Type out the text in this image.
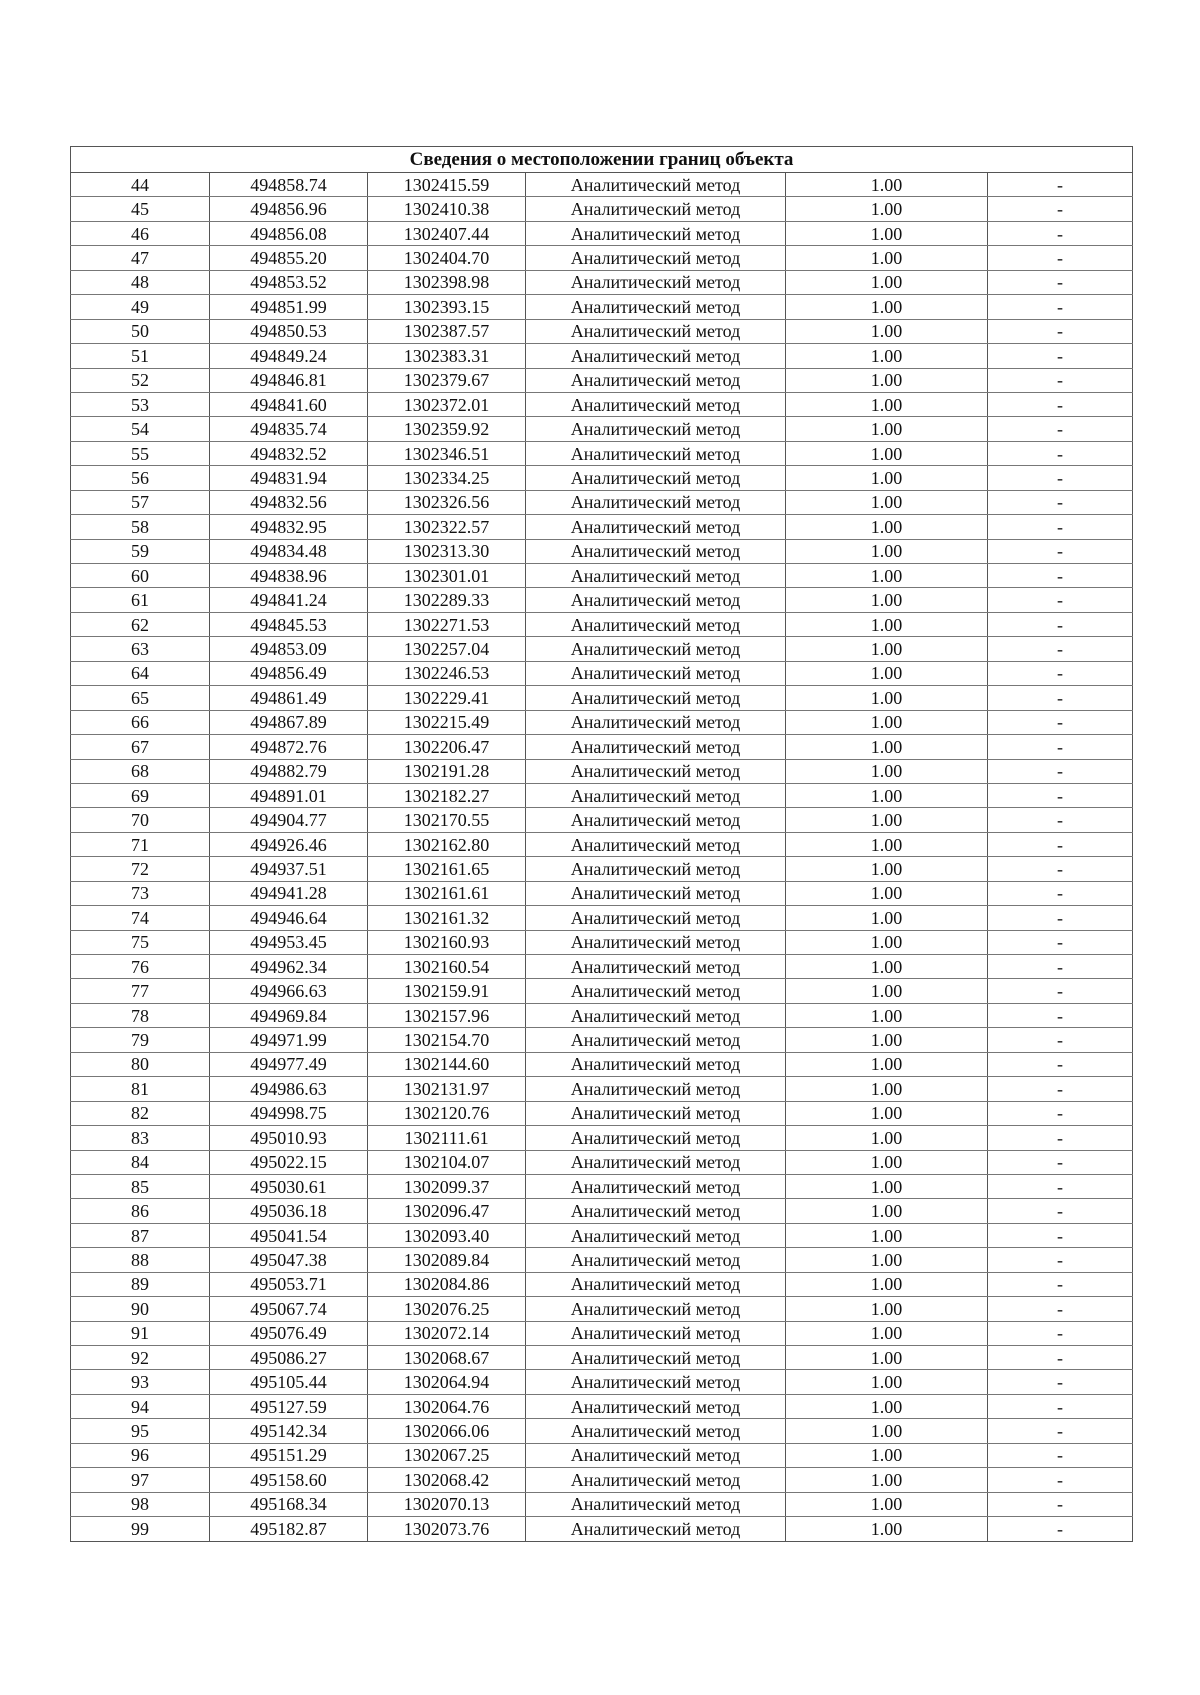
Сведения о местоположении границ объекта					
44	494858.74	1302415.59	Аналитический метод	1.00	-
45	494856.96	1302410.38	Аналитический метод	1.00	-
46	494856.08	1302407.44	Аналитический метод	1.00	-
47	494855.20	1302404.70	Аналитический метод	1.00	-
48	494853.52	1302398.98	Аналитический метод	1.00	-
49	494851.99	1302393.15	Аналитический метод	1.00	-
50	494850.53	1302387.57	Аналитический метод	1.00	-
51	494849.24	1302383.31	Аналитический метод	1.00	-
52	494846.81	1302379.67	Аналитический метод	1.00	-
53	494841.60	1302372.01	Аналитический метод	1.00	-
54	494835.74	1302359.92	Аналитический метод	1.00	-
55	494832.52	1302346.51	Аналитический метод	1.00	-
56	494831.94	1302334.25	Аналитический метод	1.00	-
57	494832.56	1302326.56	Аналитический метод	1.00	-
58	494832.95	1302322.57	Аналитический метод	1.00	-
59	494834.48	1302313.30	Аналитический метод	1.00	-
60	494838.96	1302301.01	Аналитический метод	1.00	-
61	494841.24	1302289.33	Аналитический метод	1.00	-
62	494845.53	1302271.53	Аналитический метод	1.00	-
63	494853.09	1302257.04	Аналитический метод	1.00	-
64	494856.49	1302246.53	Аналитический метод	1.00	-
65	494861.49	1302229.41	Аналитический метод	1.00	-
66	494867.89	1302215.49	Аналитический метод	1.00	-
67	494872.76	1302206.47	Аналитический метод	1.00	-
68	494882.79	1302191.28	Аналитический метод	1.00	-
69	494891.01	1302182.27	Аналитический метод	1.00	-
70	494904.77	1302170.55	Аналитический метод	1.00	-
71	494926.46	1302162.80	Аналитический метод	1.00	-
72	494937.51	1302161.65	Аналитический метод	1.00	-
73	494941.28	1302161.61	Аналитический метод	1.00	-
74	494946.64	1302161.32	Аналитический метод	1.00	-
75	494953.45	1302160.93	Аналитический метод	1.00	-
76	494962.34	1302160.54	Аналитический метод	1.00	-
77	494966.63	1302159.91	Аналитический метод	1.00	-
78	494969.84	1302157.96	Аналитический метод	1.00	-
79	494971.99	1302154.70	Аналитический метод	1.00	-
80	494977.49	1302144.60	Аналитический метод	1.00	-
81	494986.63	1302131.97	Аналитический метод	1.00	-
82	494998.75	1302120.76	Аналитический метод	1.00	-
83	495010.93	1302111.61	Аналитический метод	1.00	-
84	495022.15	1302104.07	Аналитический метод	1.00	-
85	495030.61	1302099.37	Аналитический метод	1.00	-
86	495036.18	1302096.47	Аналитический метод	1.00	-
87	495041.54	1302093.40	Аналитический метод	1.00	-
88	495047.38	1302089.84	Аналитический метод	1.00	-
89	495053.71	1302084.86	Аналитический метод	1.00	-
90	495067.74	1302076.25	Аналитический метод	1.00	-
91	495076.49	1302072.14	Аналитический метод	1.00	-
92	495086.27	1302068.67	Аналитический метод	1.00	-
93	495105.44	1302064.94	Аналитический метод	1.00	-
94	495127.59	1302064.76	Аналитический метод	1.00	-
95	495142.34	1302066.06	Аналитический метод	1.00	-
96	495151.29	1302067.25	Аналитический метод	1.00	-
97	495158.60	1302068.42	Аналитический метод	1.00	-
98	495168.34	1302070.13	Аналитический метод	1.00	-
99	495182.87	1302073.76	Аналитический метод	1.00	-
